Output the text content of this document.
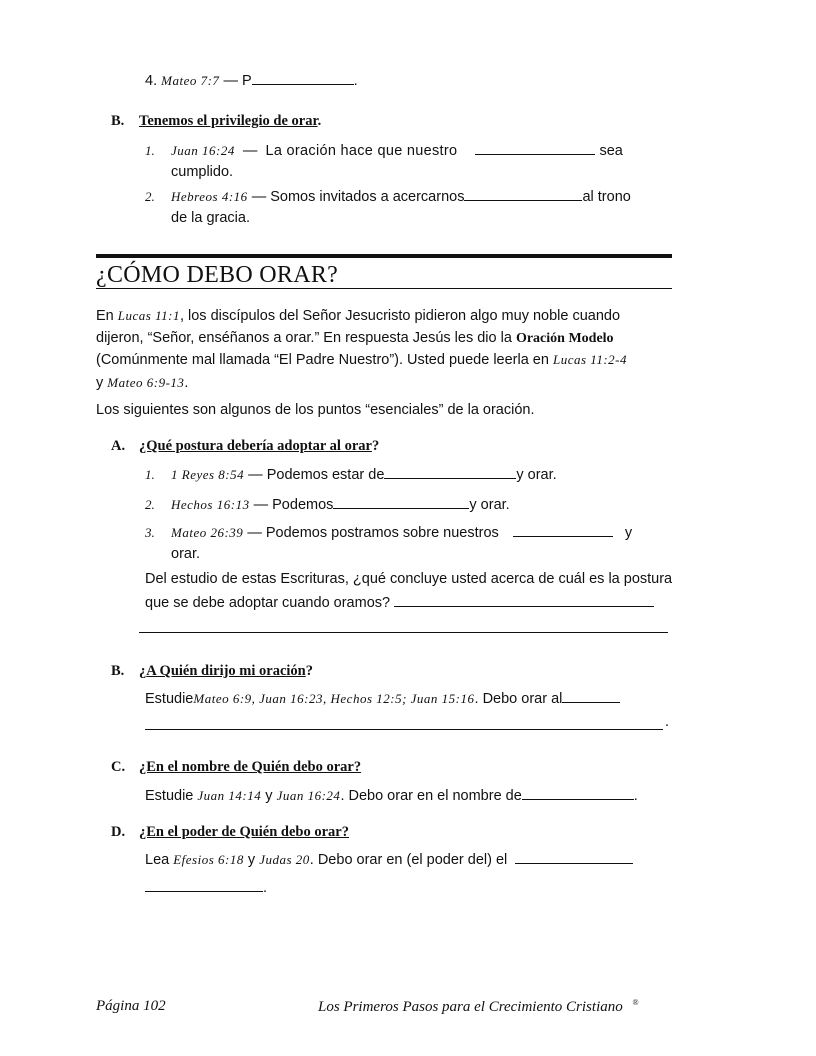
4. Mateo 7:7 — P	.
B. Tenemos el privilegio de orar.
1. Juan 16:24 — La oración hace que nuestro	sea
cumplido.
2. Hebreos 4:16 — Somos invitados a acercarnos	al trono
de la gracia.
¿CÓMO DEBO ORAR?
En Lucas 11:1, los discípulos del Señor Jesucristo pidieron algo muy noble cuando
dijeron, “Señor, enséñanos a orar.” En respuesta Jesús les dio la Oración Modelo
(Comúnmente mal llamada “El Padre Nuestro”). Usted puede leerla en Lucas 11:2-4
y Mateo 6:9-13.
Los siguientes son algunos de los puntos “esenciales” de la oración.
A. ¿Qué postura debería adoptar al orar?
1. 1 Reyes 8:54 — Podemos estar de	y orar.
2. Hechos 16:13 — Podemos	y orar.
3. Mateo 26:39 — Podemos postramos sobre nuestros	y
orar.
Del estudio de estas Escrituras, ¿qué concluye usted acerca de cuál es la postura
que se debe adoptar cuando oramos?
B. ¿A Quién dirijo mi oración?
EstudieMateo 6:9, Juan 16:23, Hechos 12:5; Juan 15:16. Debo orar al
.
C. ¿En el nombre de Quién debo orar?
Estudie Juan 14:14 y Juan 16:24. Debo orar en el nombre de	.
D. ¿En el poder de Quién debo orar?
Lea Efesios 6:18 y Judas 20. Debo orar en (el poder del) el
.
Página 102	Los Primeros Pasos para el Crecimiento Cristiano ®
